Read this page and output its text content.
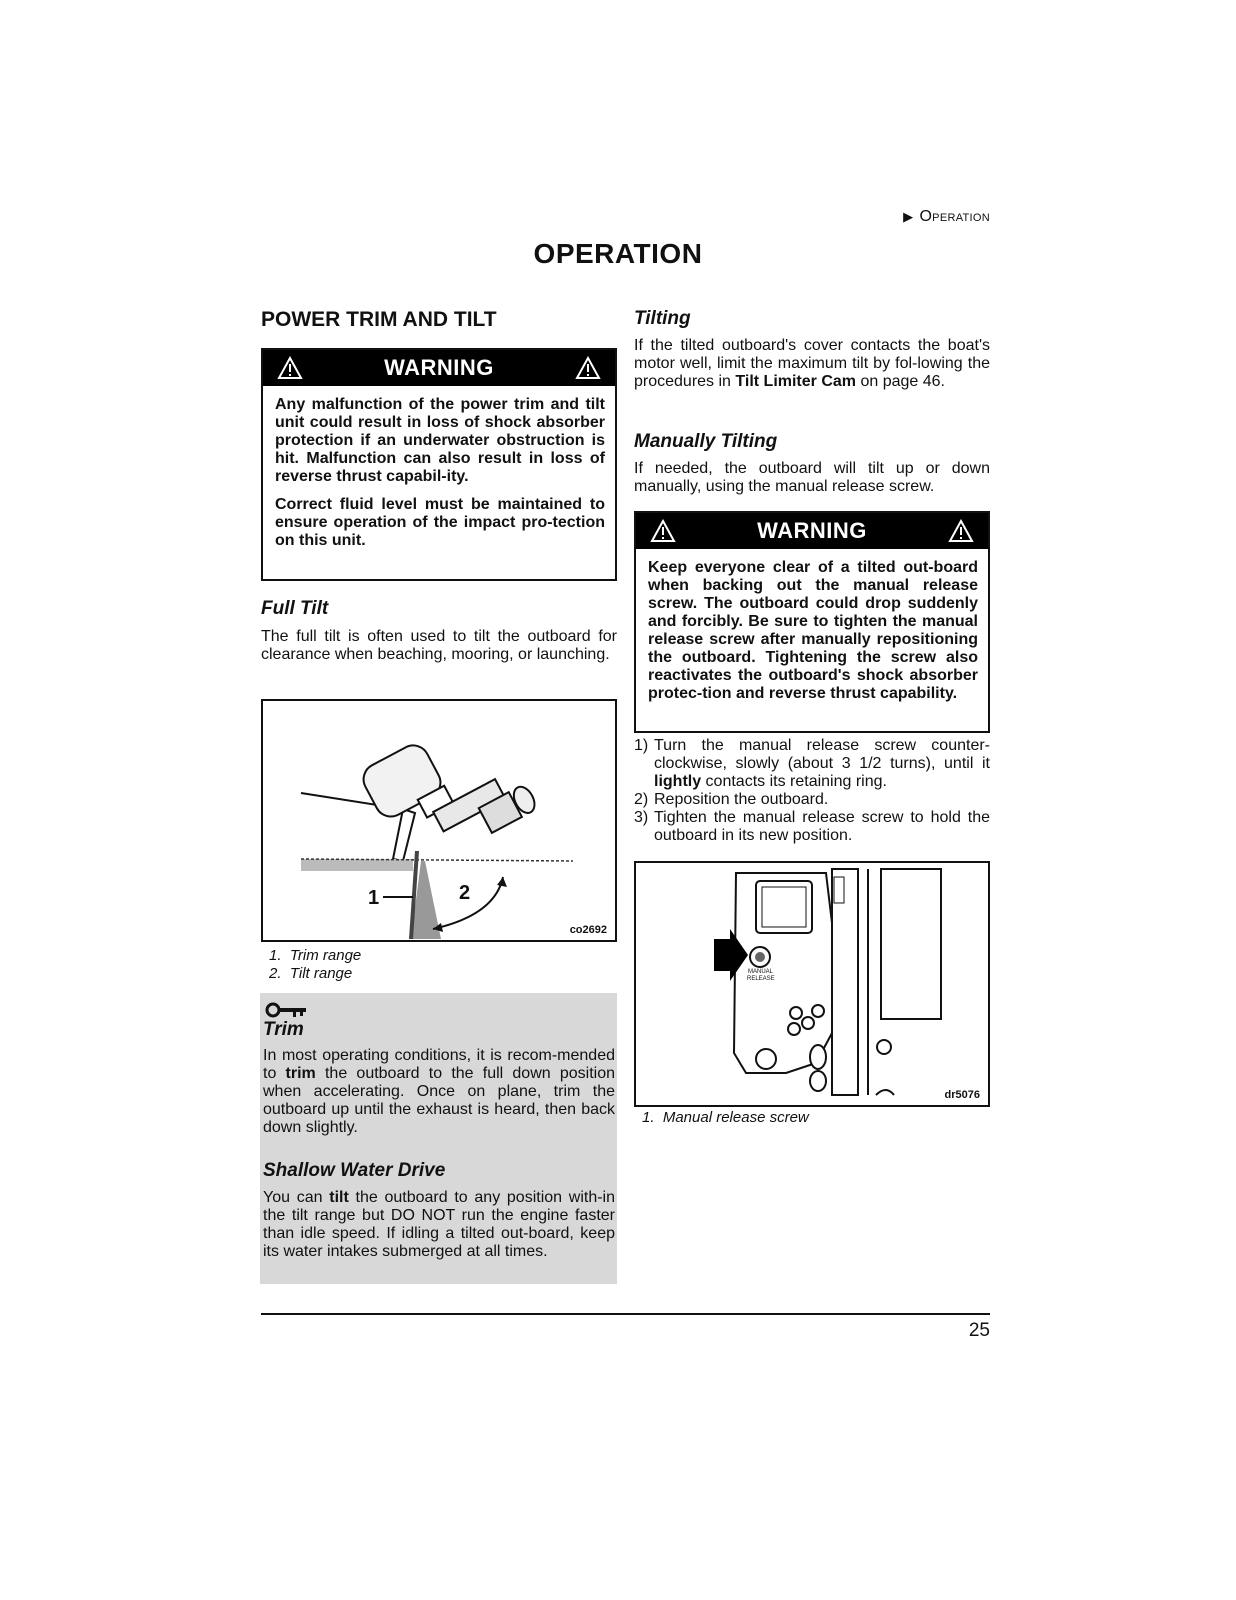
▶ Operation
OPERATION
POWER TRIM AND TILT
WARNING

Any malfunction of the power trim and tilt unit could result in loss of shock absorber protection if an underwater obstruction is hit. Malfunction can also result in loss of reverse thrust capabil-ity.

Correct fluid level must be maintained to ensure operation of the impact pro-tection on this unit.

Full Tilt

The full tilt is often used to tilt the outboard for clearance when beaching, mooring, or launching.

1	2
co2692
1.  Trim range
2.  Tilt range
Trim

In most operating conditions, it is recom-mended to trim the outboard to the full down position when accelerating. Once on plane, trim the outboard up until the exhaust is heard, then back down slightly.

Shallow Water Drive

You can tilt the outboard to any position with-in the tilt range but DO NOT run the engine faster than idle speed. If idling a tilted out-board, keep its water intakes submerged at all times.

Tilting

If the tilted outboard's cover contacts the boat's motor well, limit the maximum tilt by fol-lowing the procedures in Tilt Limiter Cam on page 46.

Manually Tilting

If needed, the outboard will tilt up or down manually, using the manual release screw.

WARNING

Keep everyone clear of a tilted out-board when backing out the manual release screw. The outboard could drop suddenly and forcibly. Be sure to tighten the manual release screw after manually repositioning the outboard. Tightening the screw also reactivates the outboard's shock absorber protec-tion and reverse thrust capability.

1) Turn the manual release screw counter-clockwise, slowly (about 3 1/2 turns), until it lightly contacts its retaining ring.
2) Reposition the outboard.
3) Tighten the manual release screw to hold the outboard in its new position.
MANUAL
RELEASE
dr5076
1.  Manual release screw
25
